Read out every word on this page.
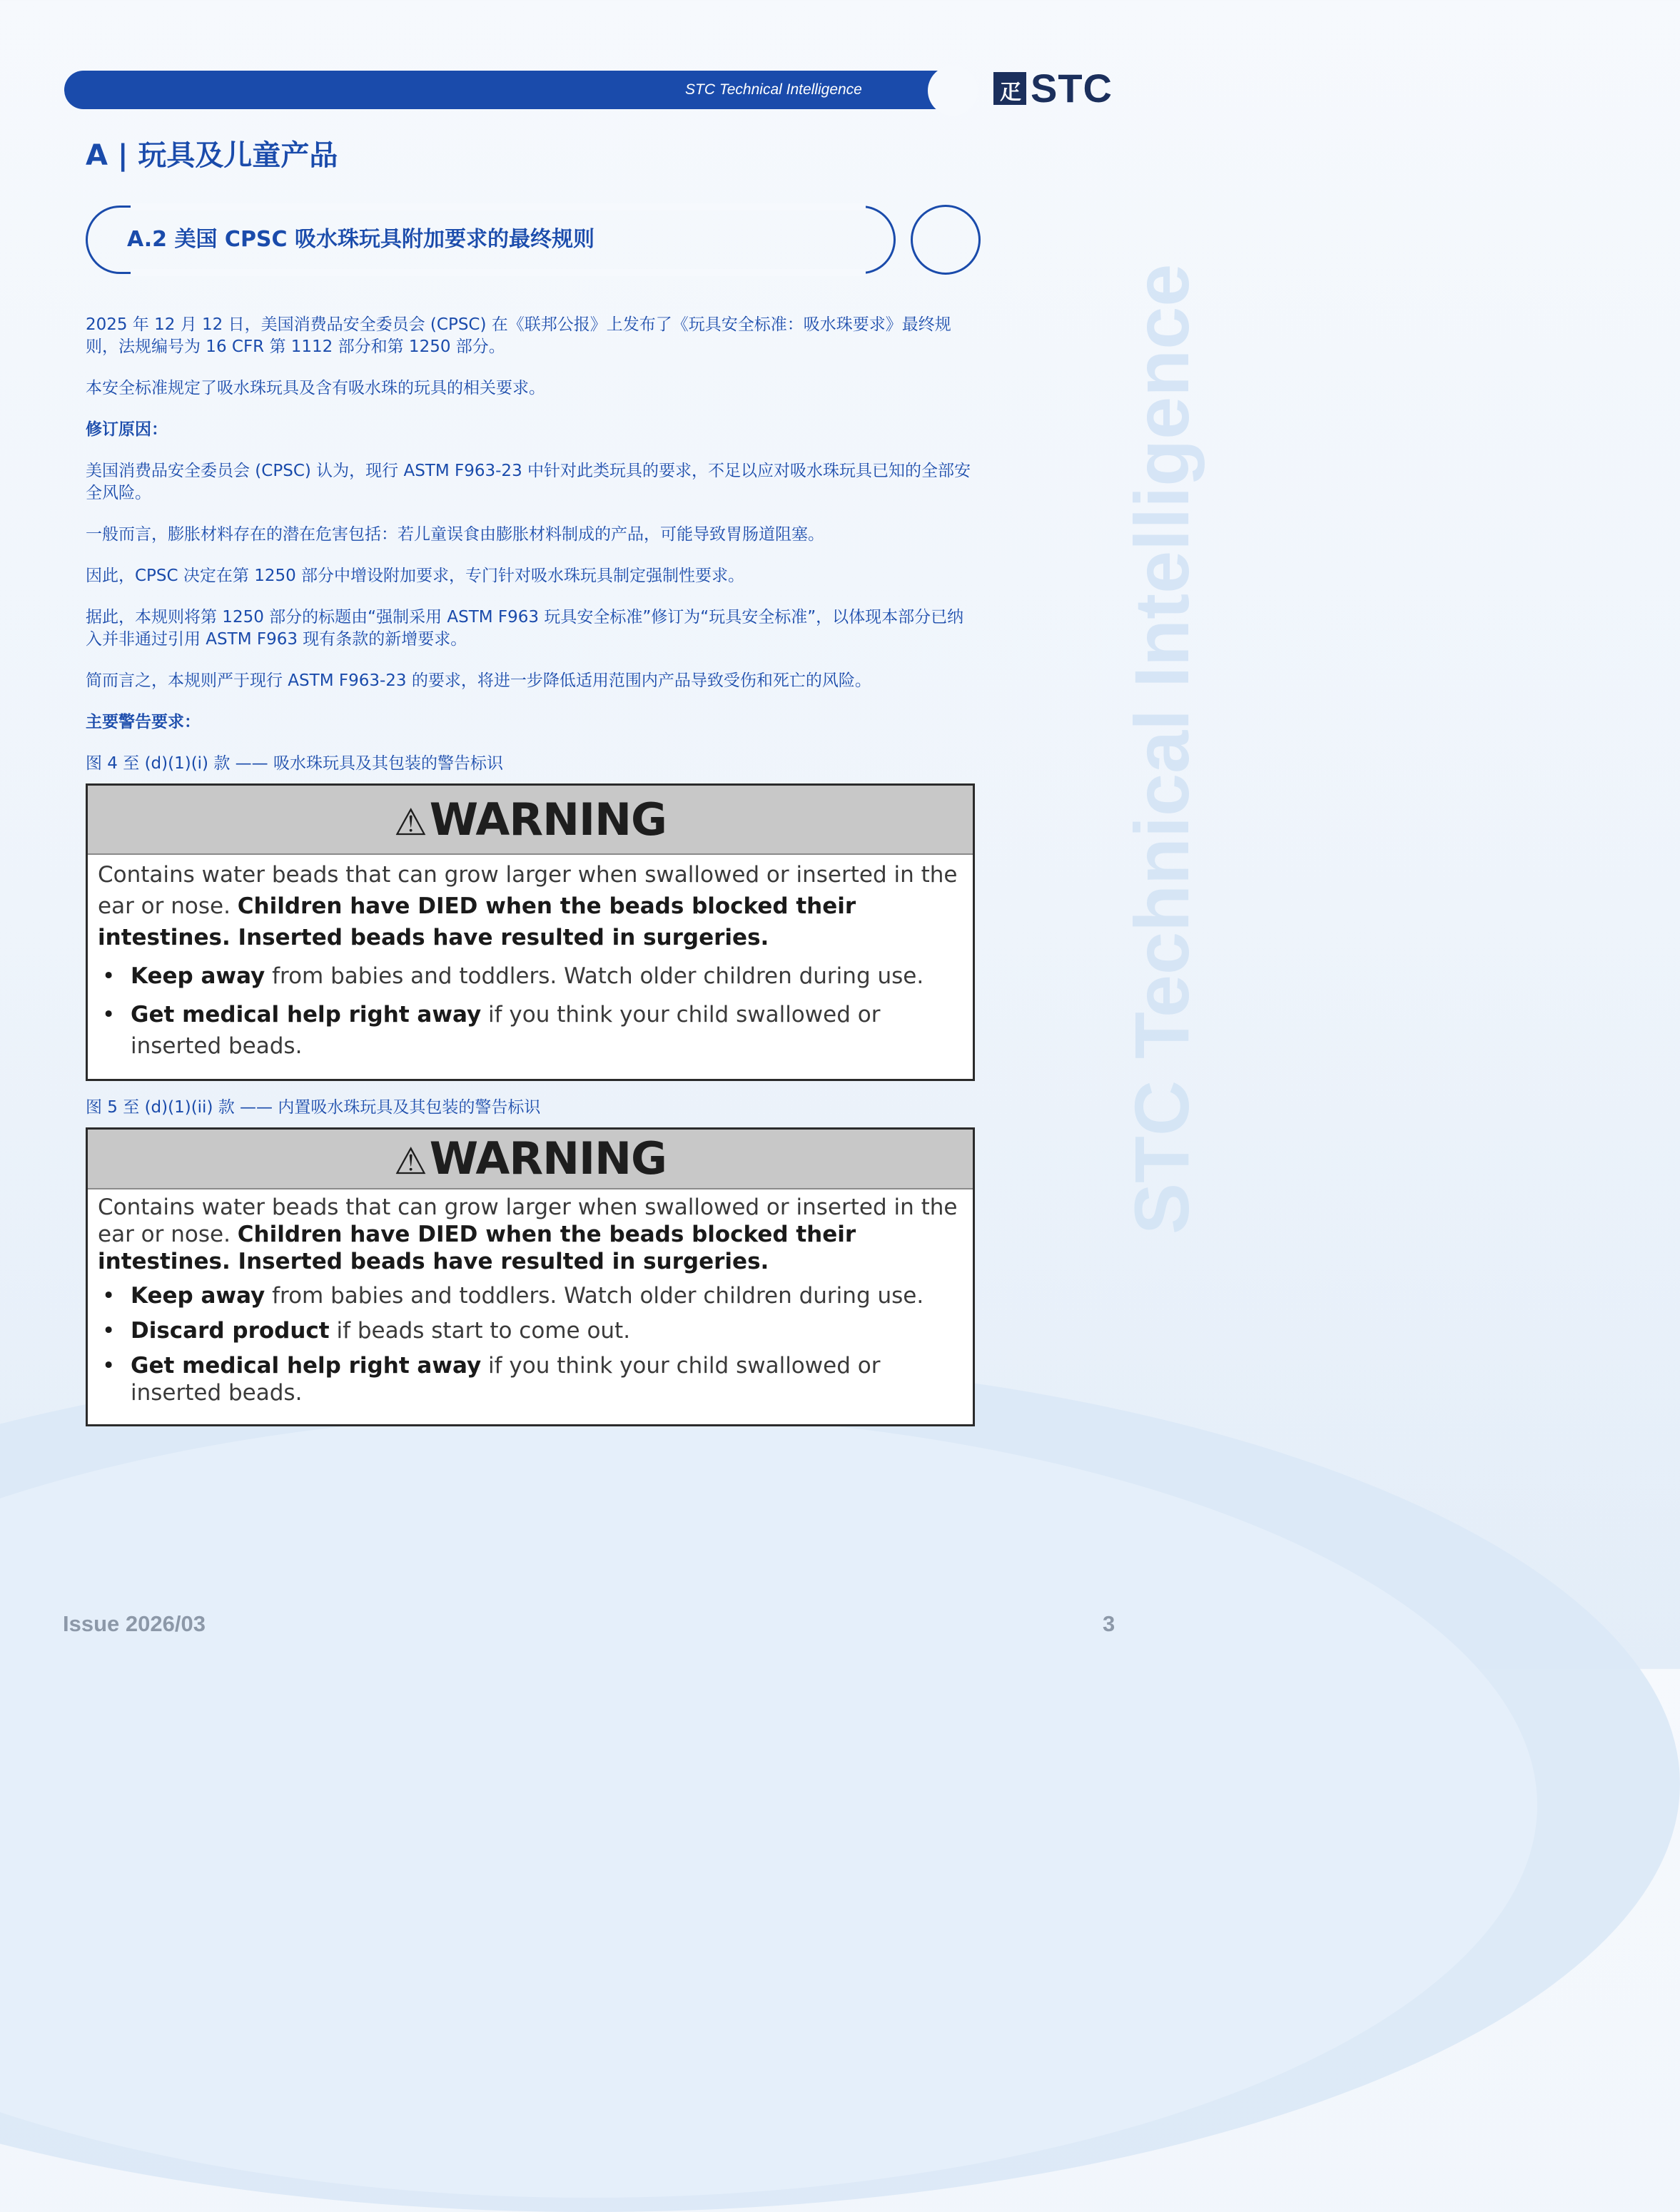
STC Technical Intelligence
STC Technical Intelligence	疋 STC
A | 玩具及儿童产品
A.2 美国 CPSC 吸水珠玩具附加要求的最终规则

2025 年 12 月 12 日，美国消费品安全委员会 (CPSC) 在《联邦公报》上发布了《玩具安全标准：吸水珠要求》最终规则，法规编号为 16 CFR 第 1112 部分和第 1250 部分。

本安全标准规定了吸水珠玩具及含有吸水珠的玩具的相关要求。

修订原因：

美国消费品安全委员会 (CPSC) 认为，现行 ASTM F963-23 中针对此类玩具的要求，不足以应对吸水珠玩具已知的全部安全风险。

一般而言，膨胀材料存在的潜在危害包括：若儿童误食由膨胀材料制成的产品，可能导致胃肠道阻塞。

因此，CPSC 决定在第 1250 部分中增设附加要求，专门针对吸水珠玩具制定强制性要求。

据此，本规则将第 1250 部分的标题由“强制采用 ASTM F963 玩具安全标准”修订为“玩具安全标准”，以体现本部分已纳入并非通过引用 ASTM F963 现有条款的新增要求。

简而言之，本规则严于现行 ASTM F963-23 的要求，将进一步降低适用范围内产品导致受伤和死亡的风险。

主要警告要求：

图 4 至 (d)(1)(i) 款 —— 吸水珠玩具及其包装的警告标识

⚠WARNING
Contains water beads that can grow larger when swallowed or inserted in the ear or nose. Children have DIED when the beads blocked their intestines. Inserted beads have resulted in surgeries.
• Keep away from babies and toddlers. Watch older children during use.
• Get medical help right away if you think your child swallowed or inserted beads.

图 5 至 (d)(1)(ii) 款 —— 内置吸水珠玩具及其包装的警告标识

⚠WARNING
Contains water beads that can grow larger when swallowed or inserted in the ear or nose. Children have DIED when the beads blocked their intestines. Inserted beads have resulted in surgeries.
• Keep away from babies and toddlers. Watch older children during use.
• Discard product if beads start to come out.
• Get medical help right away if you think your child swallowed or inserted beads.
Issue 2026/03	3
